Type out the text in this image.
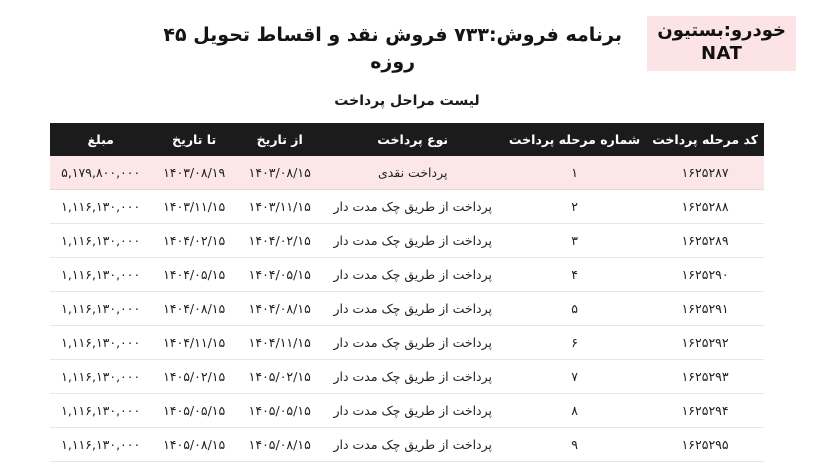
خودرو:بستیون
NAT
برنامه فروش:۷۳۳ فروش نقد و اقساط تحویل ۴۵ روزه
لیست مراحل پرداخت
کد مرحله پرداخت	شماره مرحله پرداخت	نوع پرداخت	از تاریخ	تا تاریخ	مبلغ
۱۶۲۵۲۸۷	۱	پرداخت نقدی	۱۴۰۳/۰۸/۱۵	۱۴۰۳/۰۸/۱۹	۵,۱۷۹,۸۰۰,۰۰۰
۱۶۲۵۲۸۸	۲	پرداخت از طریق چک مدت دار	۱۴۰۳/۱۱/۱۵	۱۴۰۳/۱۱/۱۵	۱,۱۱۶,۱۳۰,۰۰۰
۱۶۲۵۲۸۹	۳	پرداخت از طریق چک مدت دار	۱۴۰۴/۰۲/۱۵	۱۴۰۴/۰۲/۱۵	۱,۱۱۶,۱۳۰,۰۰۰
۱۶۲۵۲۹۰	۴	پرداخت از طریق چک مدت دار	۱۴۰۴/۰۵/۱۵	۱۴۰۴/۰۵/۱۵	۱,۱۱۶,۱۳۰,۰۰۰
۱۶۲۵۲۹۱	۵	پرداخت از طریق چک مدت دار	۱۴۰۴/۰۸/۱۵	۱۴۰۴/۰۸/۱۵	۱,۱۱۶,۱۳۰,۰۰۰
۱۶۲۵۲۹۲	۶	پرداخت از طریق چک مدت دار	۱۴۰۴/۱۱/۱۵	۱۴۰۴/۱۱/۱۵	۱,۱۱۶,۱۳۰,۰۰۰
۱۶۲۵۲۹۳	۷	پرداخت از طریق چک مدت دار	۱۴۰۵/۰۲/۱۵	۱۴۰۵/۰۲/۱۵	۱,۱۱۶,۱۳۰,۰۰۰
۱۶۲۵۲۹۴	۸	پرداخت از طریق چک مدت دار	۱۴۰۵/۰۵/۱۵	۱۴۰۵/۰۵/۱۵	۱,۱۱۶,۱۳۰,۰۰۰
۱۶۲۵۲۹۵	۹	پرداخت از طریق چک مدت دار	۱۴۰۵/۰۸/۱۵	۱۴۰۵/۰۸/۱۵	۱,۱۱۶,۱۳۰,۰۰۰
